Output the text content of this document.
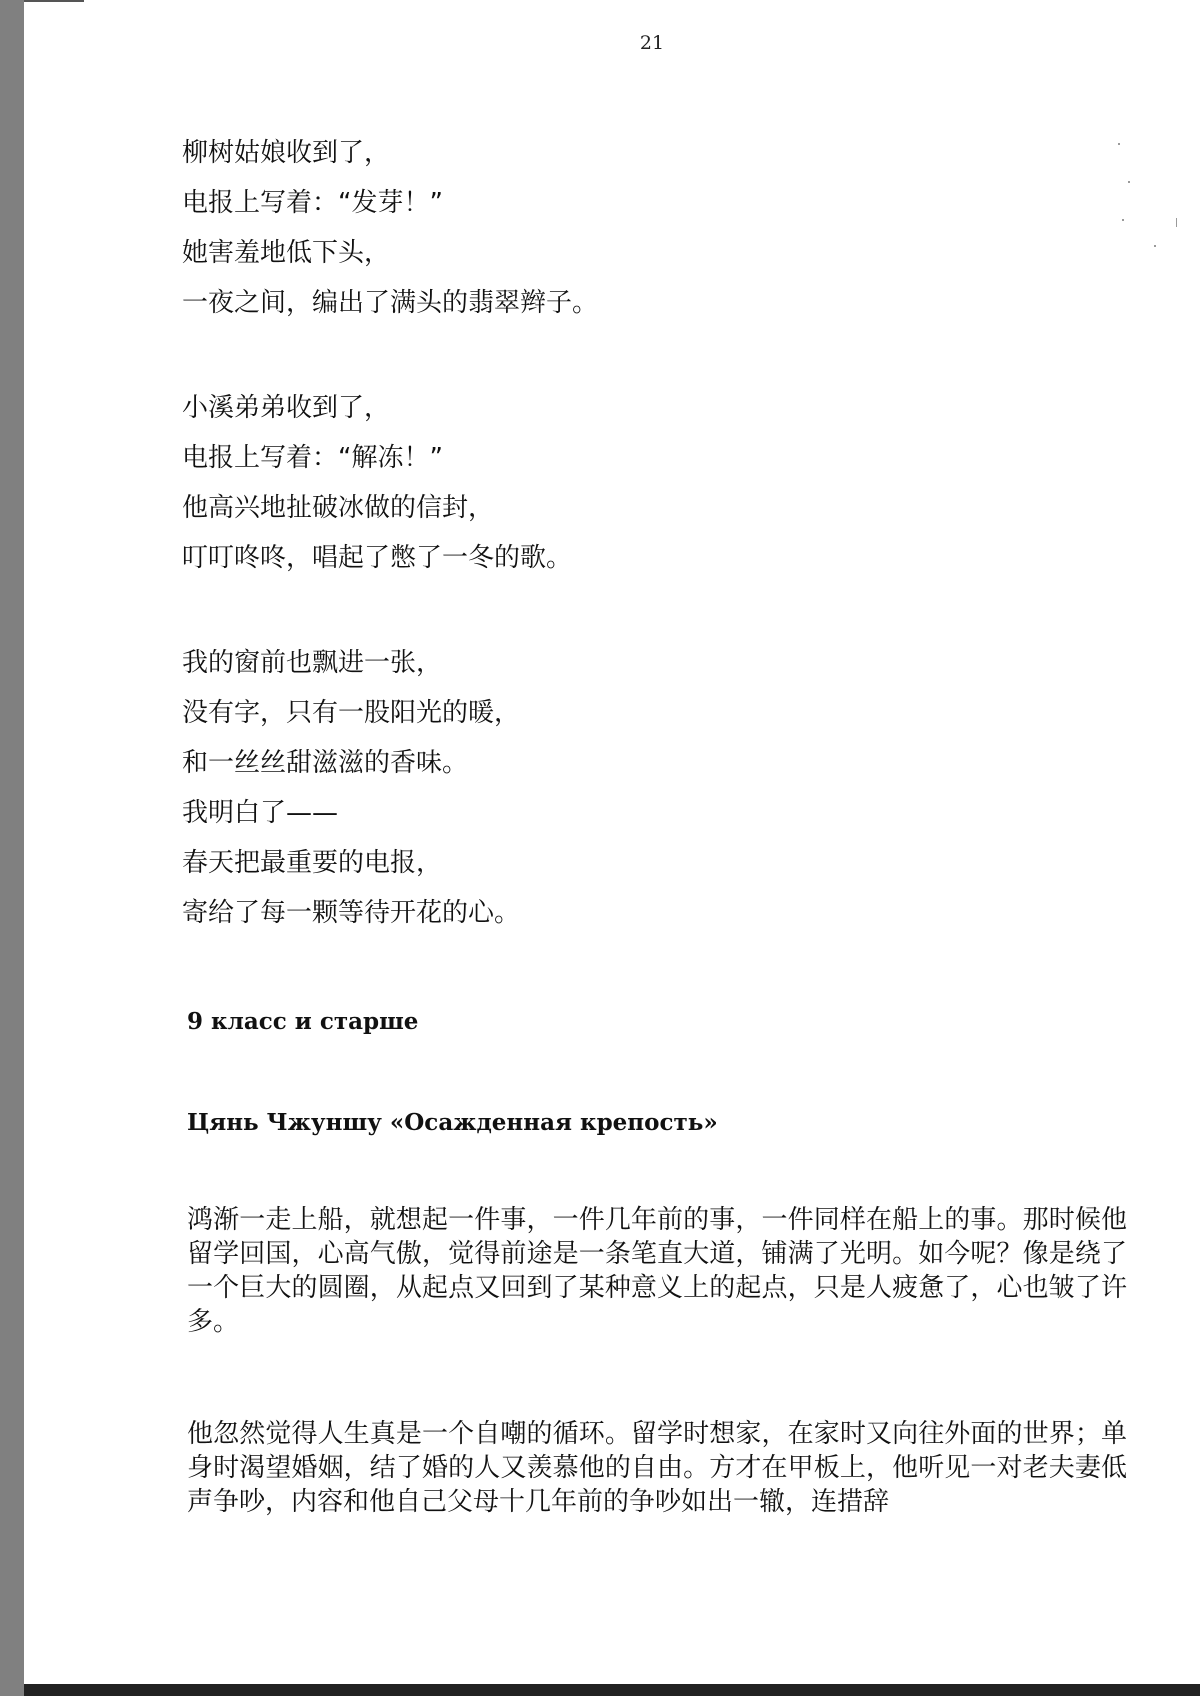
21
柳树姑娘收到了，
电报上写着：“发芽！”
她害羞地低下头，
一夜之间，编出了满头的翡翠辫子。
小溪弟弟收到了，
电报上写着：“解冻！”
他高兴地扯破冰做的信封，
叮叮咚咚，唱起了憋了一冬的歌。
我的窗前也飘进一张，
没有字，只有一股阳光的暖，
和一丝丝甜滋滋的香味。
我明白了——
春天把最重要的电报，
寄给了每一颗等待开花的心。
9 класс и старше
Цянь Чжуншу «Осажденная крепость»

鸿渐一走上船，就想起一件事，一件几年前的事，一件同样在船上的事。那时候他留学回国，心高气傲，觉得前途是一条笔直大道，铺满了光明。如今呢？像是绕了一个巨大的圆圈，从起点又回到了某种意义上的起点，只是人疲惫了，心也皱了许多。

他忽然觉得人生真是一个自嘲的循环。留学时想家，在家时又向往外面的世界；单身时渴望婚姻，结了婚的人又羡慕他的自由。方才在甲板上，他听见一对老夫妻低声争吵，内容和他自己父母十几年前的争吵如出一辙，连措辞
